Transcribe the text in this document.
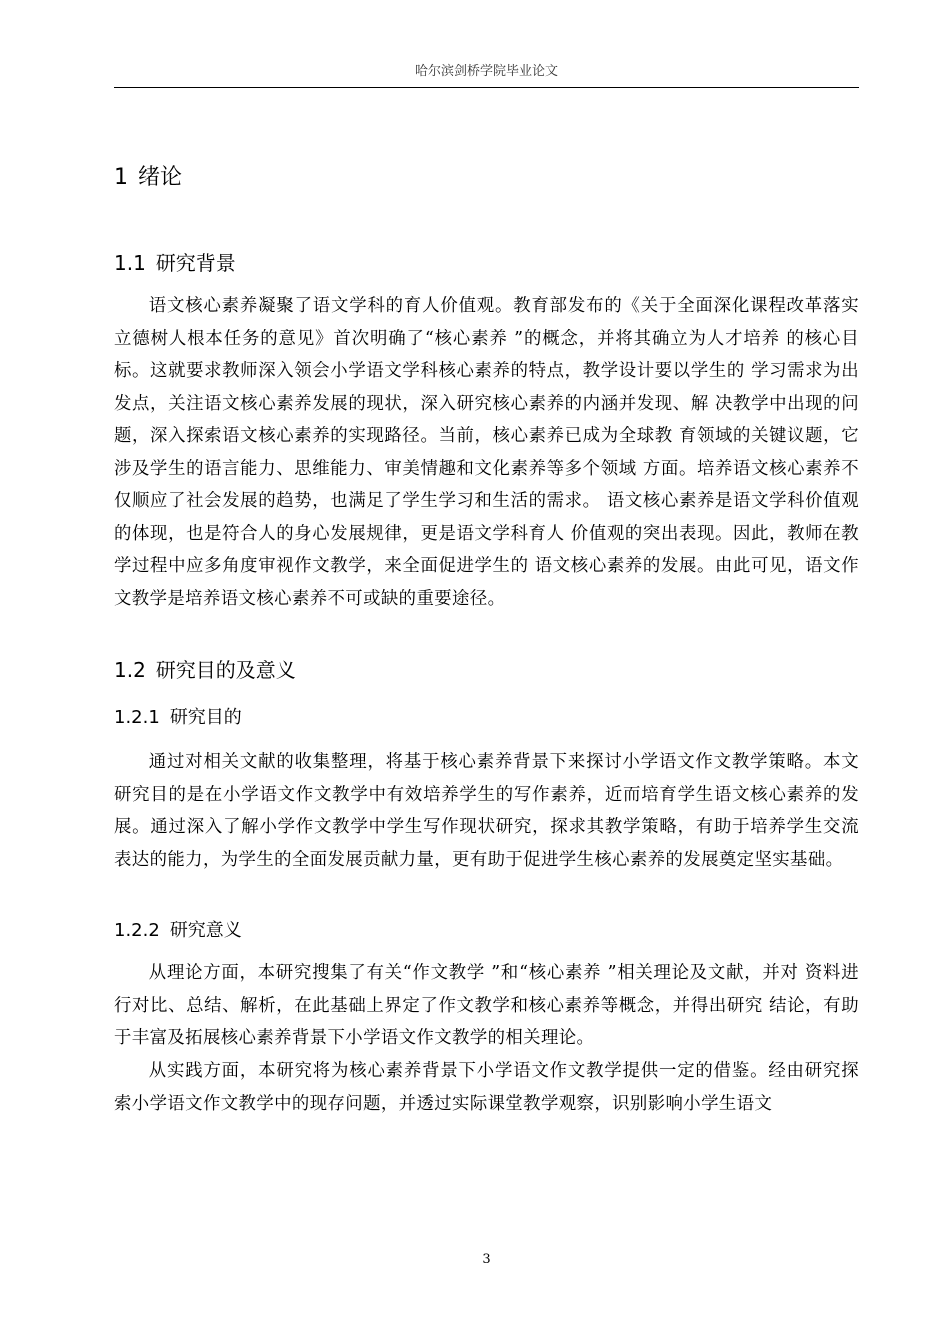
哈尔滨剑桥学院毕业论文
1 绪论
1.1 研究背景

语文核心素养凝聚了语文学科的育人价值观。教育部发布的《关于全面深化课程改革落实立德树人根本任务的意见》首次明确了“核心素养 ”的概念，并将其确立为人才培养 的核心目标。这就要求教师深入领会小学语文学科核心素养的特点，教学设计要以学生的 学习需求为出发点，关注语文核心素养发展的现状，深入研究核心素养的内涵并发现、解 决教学中出现的问题，深入探索语文核心素养的实现路径。当前，核心素养已成为全球教 育领域的关键议题，它涉及学生的语言能力、思维能力、审美情趣和文化素养等多个领域 方面。培养语文核心素养不仅顺应了社会发展的趋势，也满足了学生学习和生活的需求。 语文核心素养是语文学科价值观的体现，也是符合人的身心发展规律，更是语文学科育人 价值观的突出表现。因此，教师在教学过程中应多角度审视作文教学，来全面促进学生的 语文核心素养的发展。由此可见，语文作文教学是培养语文核心素养不可或缺的重要途径。

1.2 研究目的及意义
1.2.1 研究目的

通过对相关文献的收集整理，将基于核心素养背景下来探讨小学语文作文教学策略。本文研究目的是在小学语文作文教学中有效培养学生的写作素养，近而培育学生语文核心素养的发展。通过深入了解小学作文教学中学生写作现状研究，探求其教学策略，有助于培养学生交流表达的能力，为学生的全面发展贡献力量，更有助于促进学生核心素养的发展奠定坚实基础。

1.2.2 研究意义

从理论方面，本研究搜集了有关“作文教学 ”和“核心素养 ”相关理论及文献，并对 资料进行对比、总结、解析，在此基础上界定了作文教学和核心素养等概念，并得出研究 结论，有助于丰富及拓展核心素养背景下小学语文作文教学的相关理论。

从实践方面，本研究将为核心素养背景下小学语文作文教学提供一定的借鉴。经由研究探索小学语文作文教学中的现存问题，并透过实际课堂教学观察，识别影响小学生语文

3
